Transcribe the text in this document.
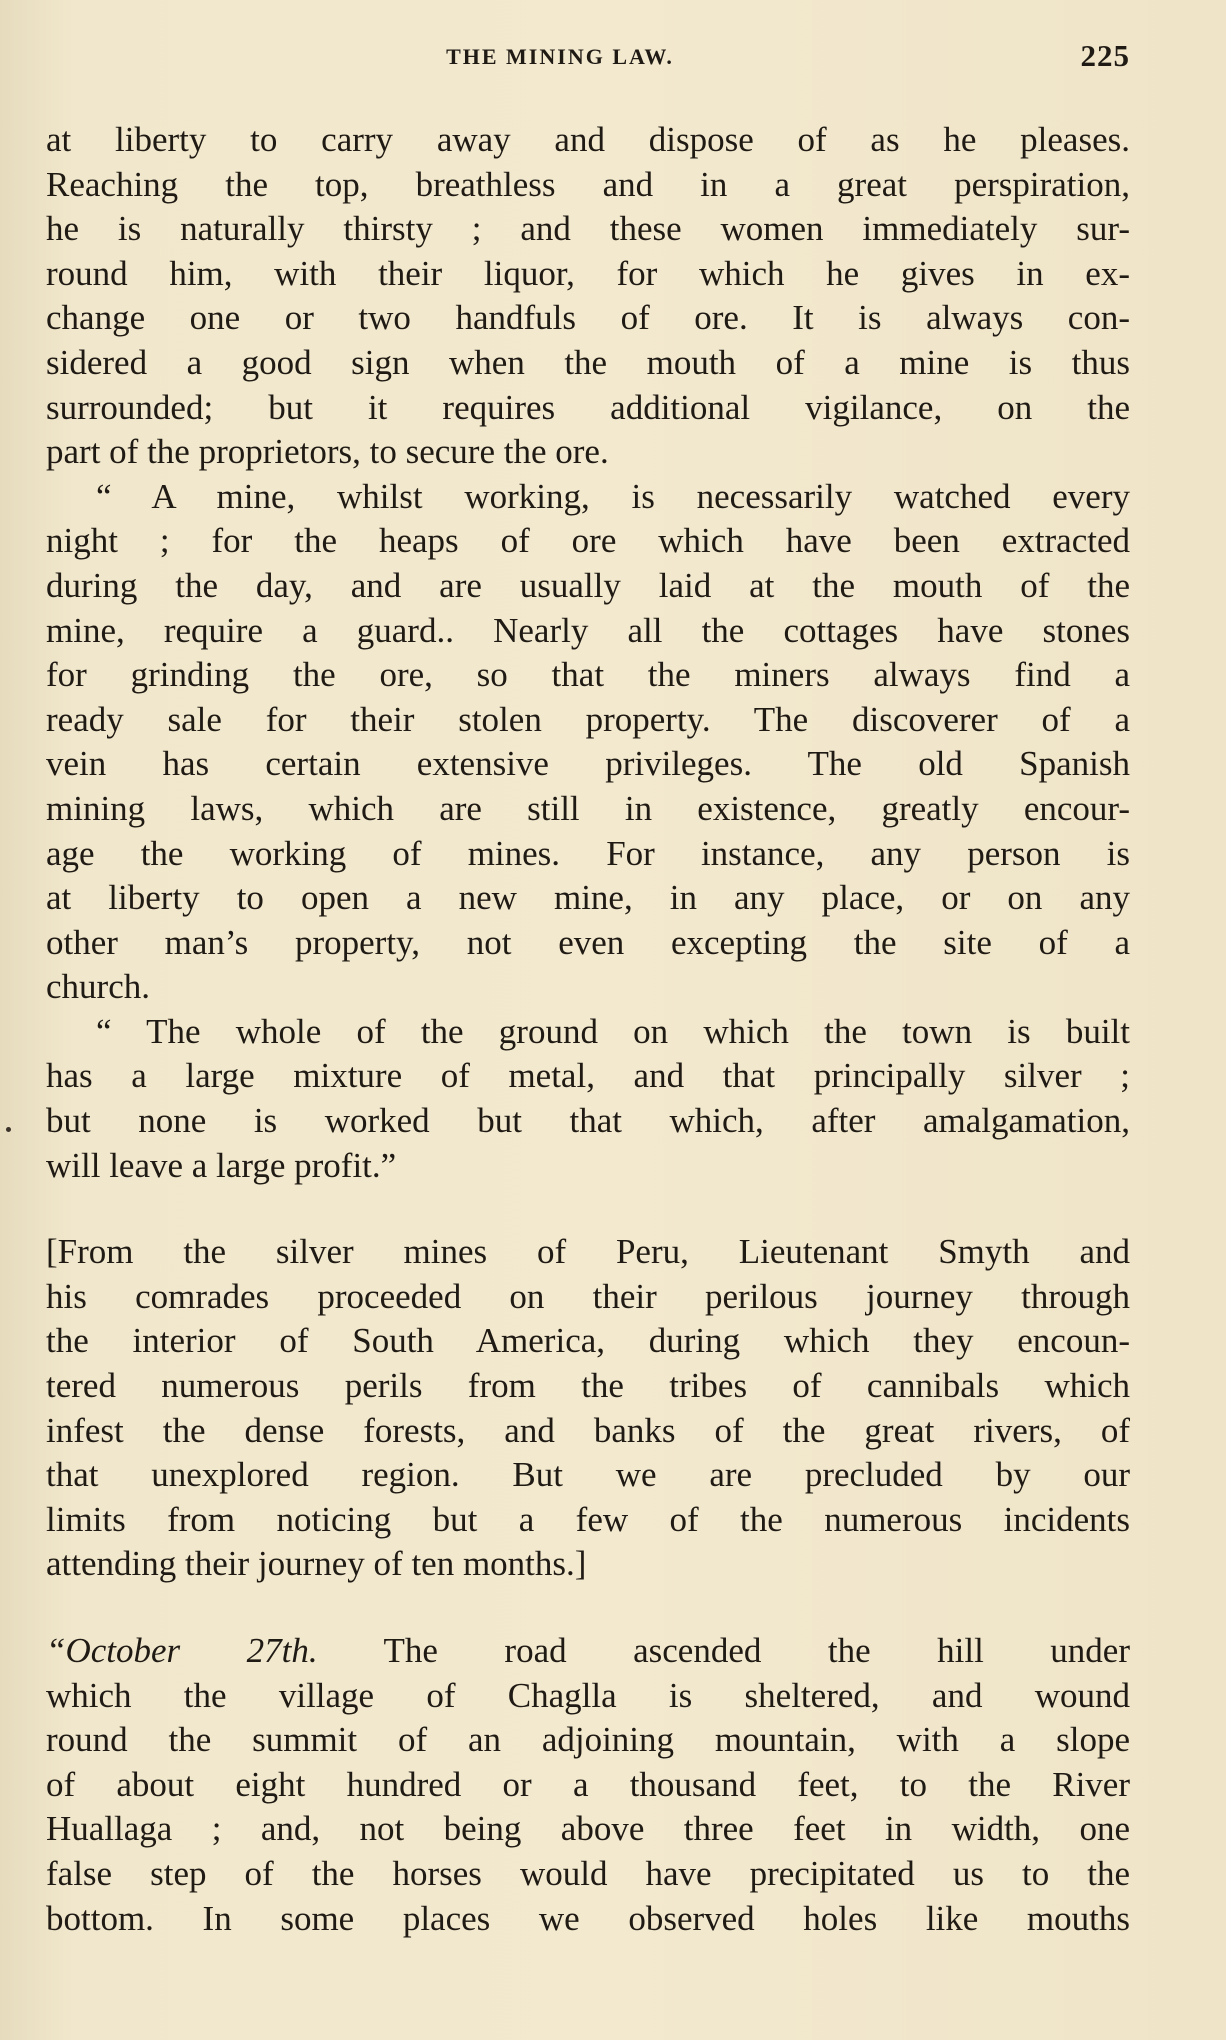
THE MINING LAW.	225
at liberty to carry away and dispose of as he pleases.
Reaching the top, breathless and in a great perspiration,
he is naturally thirsty ; and these women immediately sur-
round him, with their liquor, for which he gives in ex-
change one or two handfuls of ore. It is always con-
sidered a good sign when the mouth of a mine is thus
surrounded; but it requires additional vigilance, on the
part of the proprietors, to secure the ore.
“ A mine, whilst working, is necessarily watched every
night ; for the heaps of ore which have been extracted
during the day, and are usually laid at the mouth of the
mine, require a guard.. Nearly all the cottages have stones
for grinding the ore, so that the miners always find a
ready sale for their stolen property. The discoverer of a
vein has certain extensive privileges. The old Spanish
mining laws, which are still in existence, greatly encour-
age the working of mines. For instance, any person is
at liberty to open a new mine, in any place, or on any
other man’s property, not even excepting the site of a
church.
“ The whole of the ground on which the town is built
has a large mixture of metal, and that principally silver ;
but none is worked but that which, after amalgamation,
will leave a large profit.”
[From the silver mines of Peru, Lieutenant Smyth and
his comrades proceeded on their perilous journey through
the interior of South America, during which they encoun-
tered numerous perils from the tribes of cannibals which
infest the dense forests, and banks of the great rivers, of
that unexplored region. But we are precluded by our
limits from noticing but a few of the numerous incidents
attending their journey of ten months.]
“October 27th. The road ascended the hill under
which the village of Chaglla is sheltered, and wound
round the summit of an adjoining mountain, with a slope
of about eight hundred or a thousand feet, to the River
Huallaga ; and, not being above three feet in width, one
false step of the horses would have precipitated us to the
bottom. In some places we observed holes like mouths
